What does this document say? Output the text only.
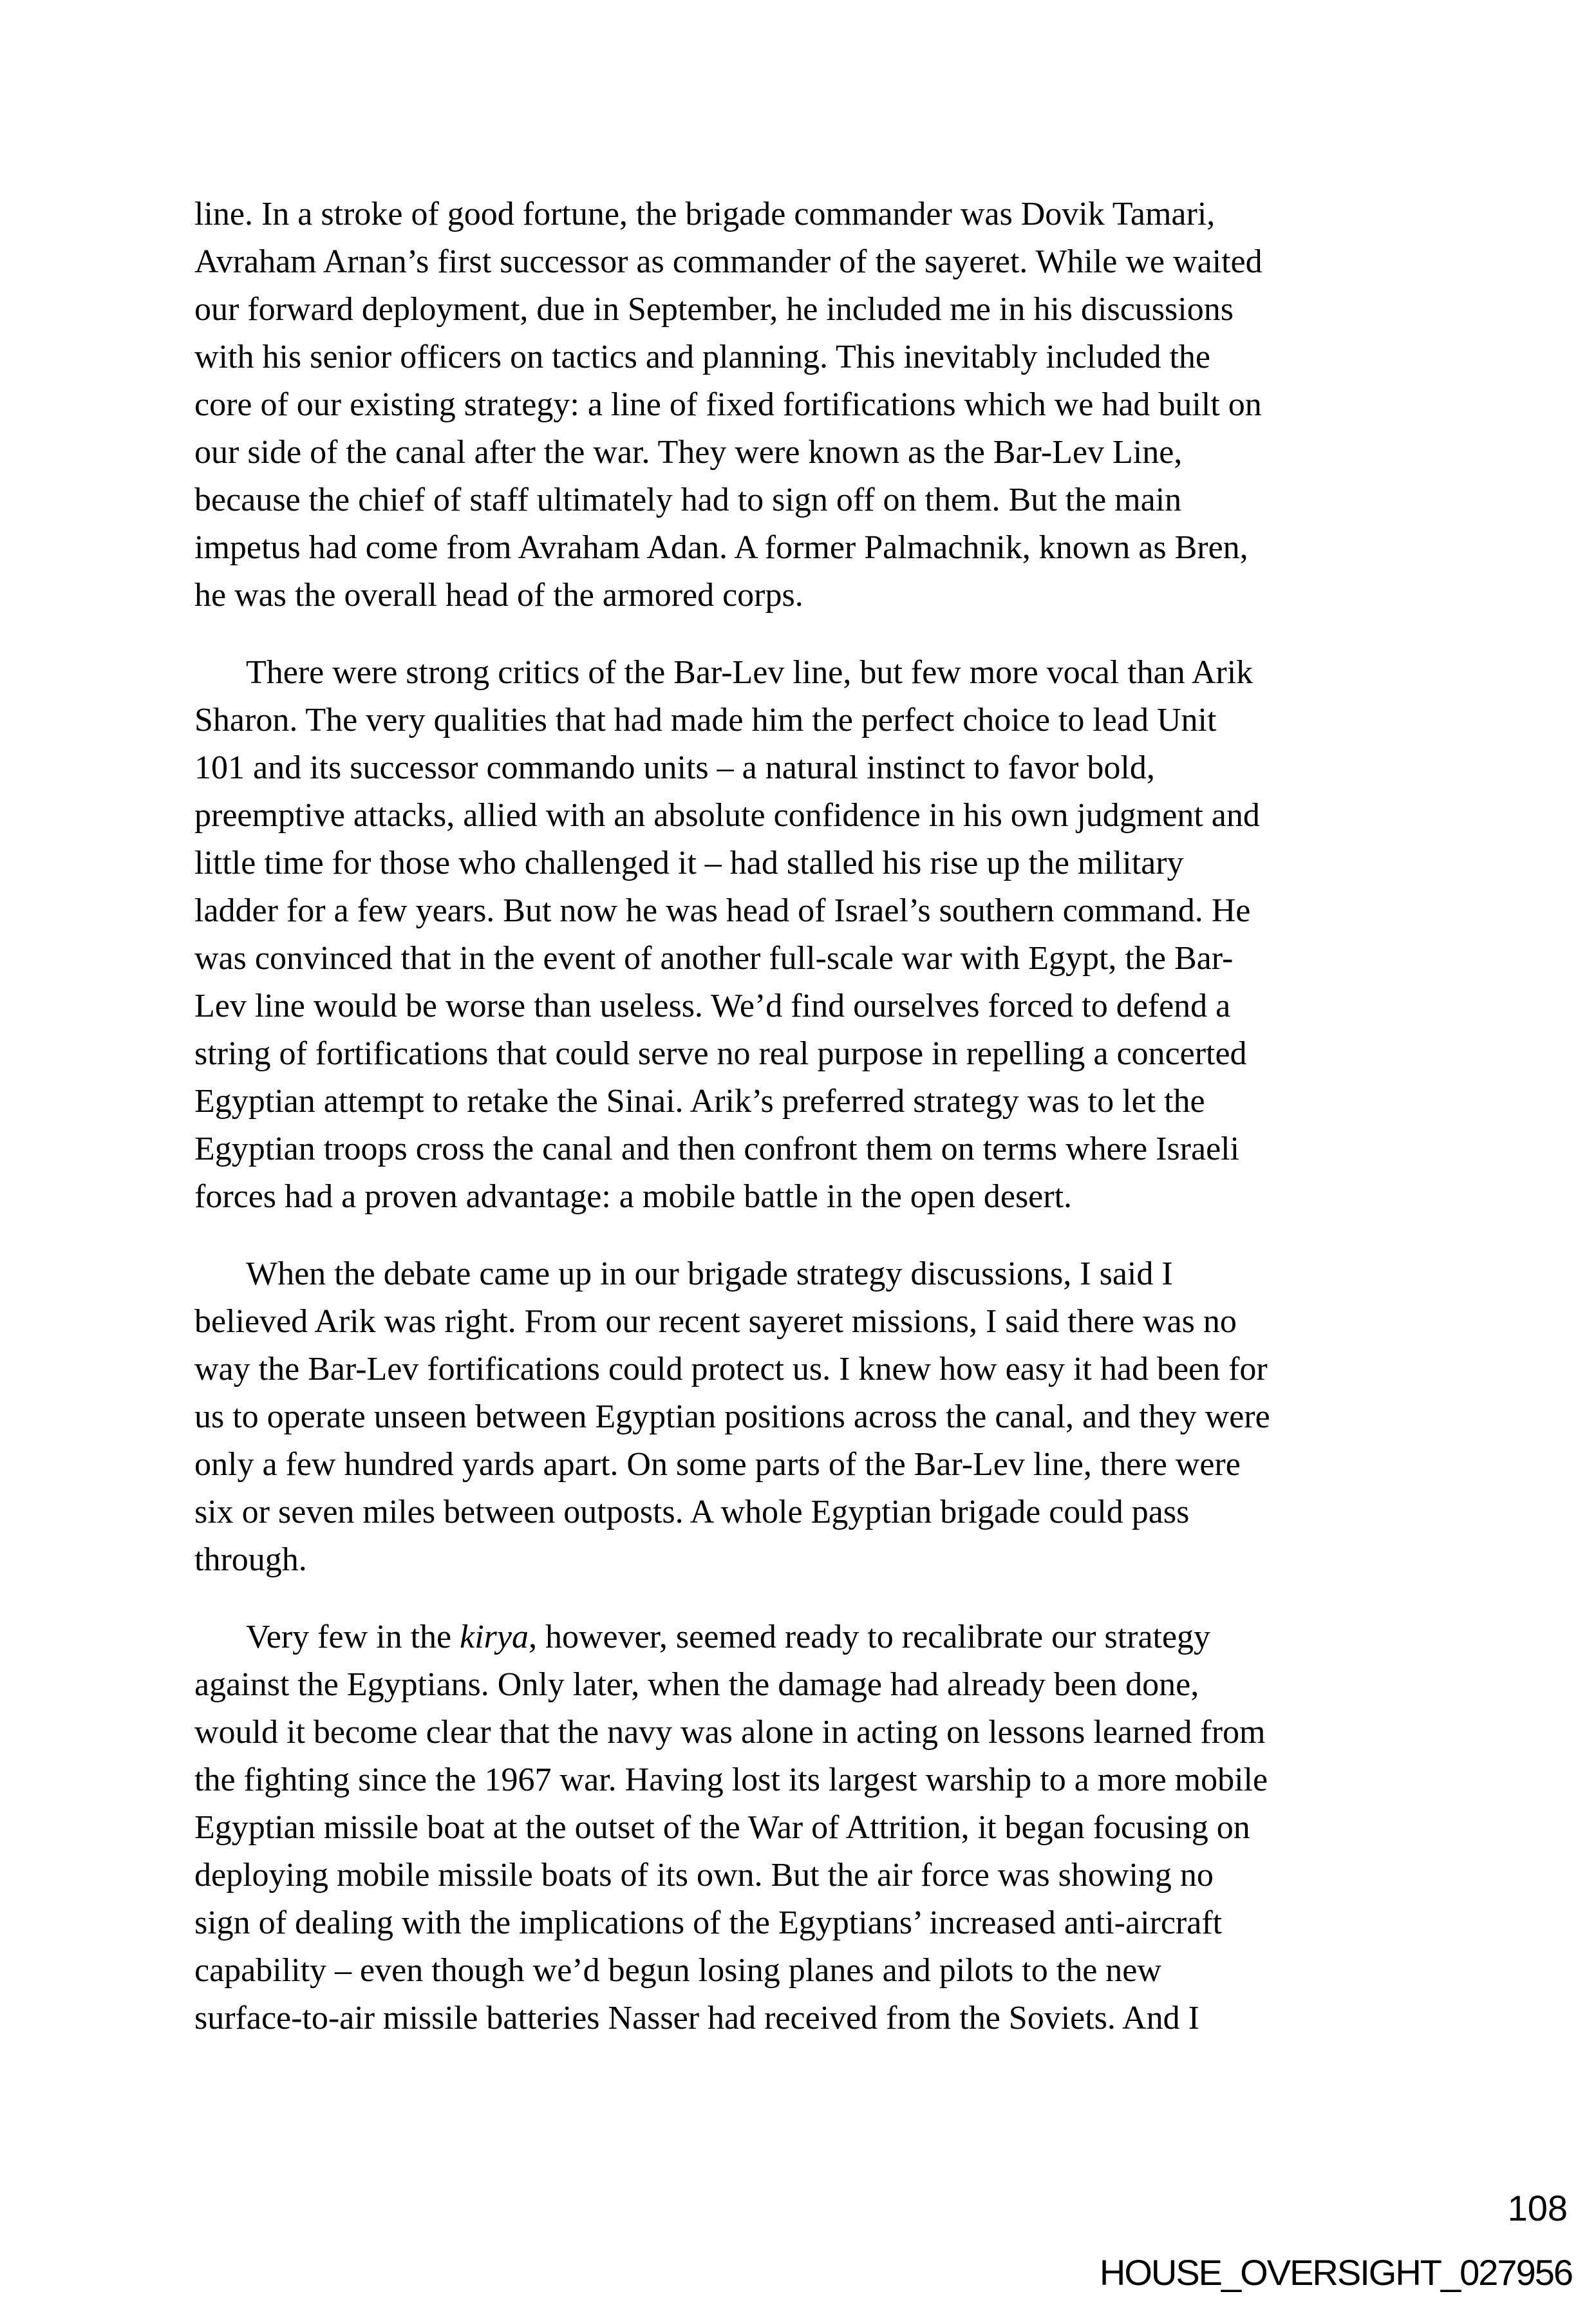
line. In a stroke of good fortune, the brigade commander was Dovik Tamari,
Avraham Arnan’s first successor as commander of the sayeret. While we waited
our forward deployment, due in September, he included me in his discussions
with his senior officers on tactics and planning. This inevitably included the
core of our existing strategy: a line of fixed fortifications which we had built on
our side of the canal after the war. They were known as the Bar-Lev Line,
because the chief of staff ultimately had to sign off on them. But the main
impetus had come from Avraham Adan. A former Palmachnik, known as Bren,
he was the overall head of the armored corps.

There were strong critics of the Bar-Lev line, but few more vocal than Arik
Sharon. The very qualities that had made him the perfect choice to lead Unit
101 and its successor commando units – a natural instinct to favor bold,
preemptive attacks, allied with an absolute confidence in his own judgment and
little time for those who challenged it – had stalled his rise up the military
ladder for a few years. But now he was head of Israel’s southern command. He
was convinced that in the event of another full-scale war with Egypt, the Bar-
Lev line would be worse than useless. We’d find ourselves forced to defend a
string of fortifications that could serve no real purpose in repelling a concerted
Egyptian attempt to retake the Sinai. Arik’s preferred strategy was to let the
Egyptian troops cross the canal and then confront them on terms where Israeli
forces had a proven advantage: a mobile battle in the open desert.

When the debate came up in our brigade strategy discussions, I said I
believed Arik was right. From our recent sayeret missions, I said there was no
way the Bar-Lev fortifications could protect us. I knew how easy it had been for
us to operate unseen between Egyptian positions across the canal, and they were
only a few hundred yards apart. On some parts of the Bar-Lev line, there were
six or seven miles between outposts. A whole Egyptian brigade could pass
through.

Very few in the kirya, however, seemed ready to recalibrate our strategy
against the Egyptians. Only later, when the damage had already been done,
would it become clear that the navy was alone in acting on lessons learned from
the fighting since the 1967 war. Having lost its largest warship to a more mobile
Egyptian missile boat at the outset of the War of Attrition, it began focusing on
deploying mobile missile boats of its own. But the air force was showing no
sign of dealing with the implications of the Egyptians’ increased anti-aircraft
capability – even though we’d begun losing planes and pilots to the new
surface-to-air missile batteries Nasser had received from the Soviets. And I

108
HOUSE_OVERSIGHT_027956
